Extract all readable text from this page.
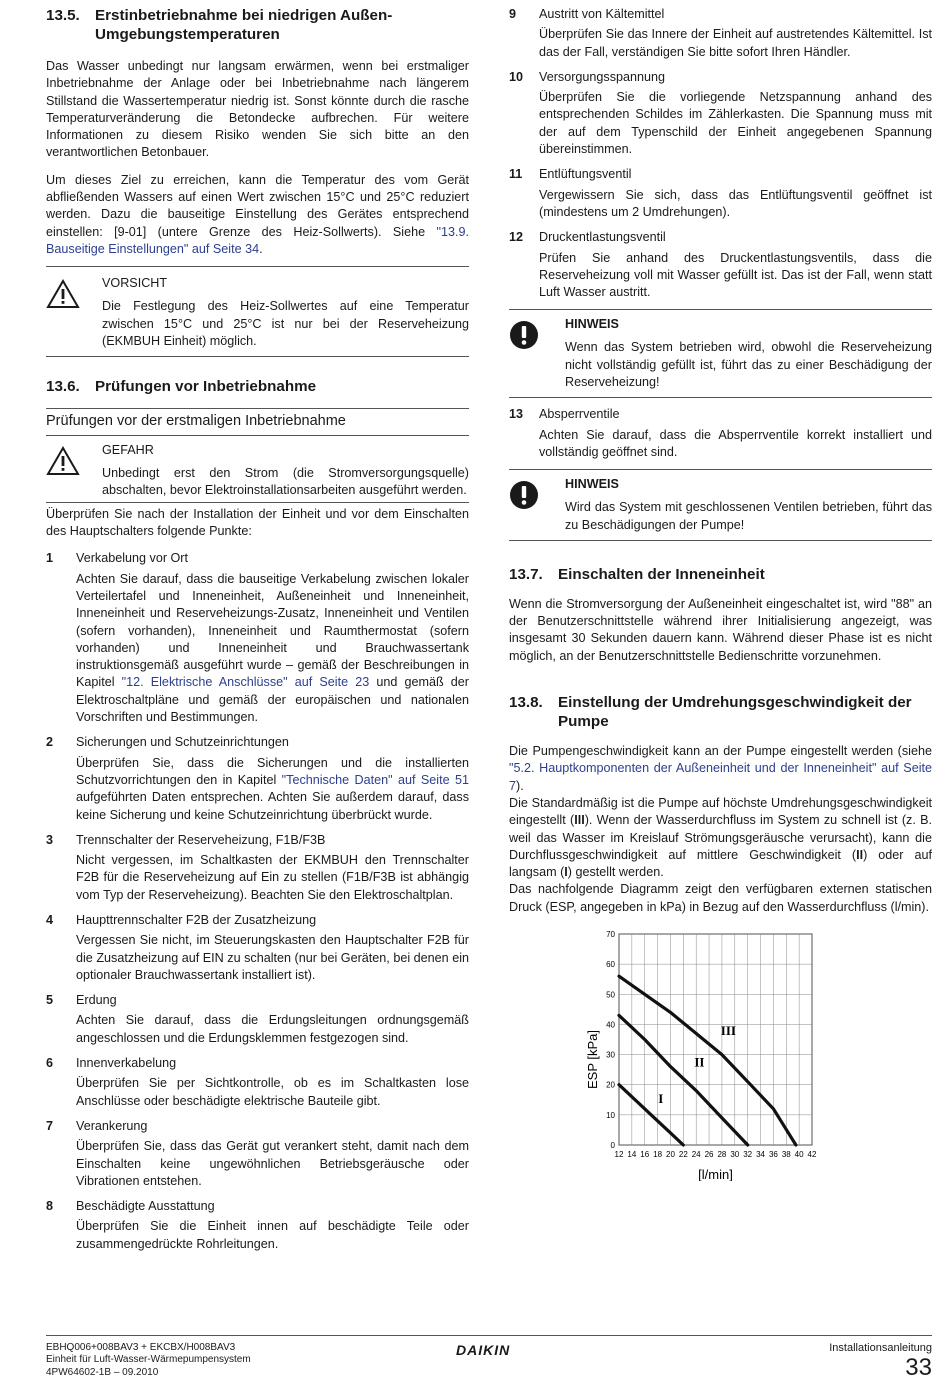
13.5. Erstinbetriebnahme bei niedrigen Außen-
Umgebungstemperaturen

Das Wasser unbedingt nur langsam erwärmen, wenn bei erstmaliger Inbetriebnahme der Anlage oder bei Inbetriebnahme nach längerem Stillstand die Wassertemperatur niedrig ist. Sonst könnte durch die rasche Temperaturveränderung die Betondecke aufbrechen. Für weitere Informationen zu diesem Risiko wenden Sie sich bitte an den verantwortlichen Betonbauer.

Um dieses Ziel zu erreichen, kann die Temperatur des vom Gerät abfließenden Wassers auf einen Wert zwischen 15°C und 25°C reduziert werden. Dazu die bauseitige Einstellung des Gerätes entsprechend einstellen: [9-01] (untere Grenze des Heiz-Sollwerts). Siehe "13.9. Bauseitige Einstellungen" auf Seite 34.

VORSICHT

Die Festlegung des Heiz-Sollwertes auf eine Temperatur zwischen 15°C und 25°C ist nur bei der Reserveheizung (EKMBUH Einheit) möglich.

13.6. Prüfungen vor Inbetriebnahme
Prüfungen vor der erstmaligen Inbetriebnahme
GEFAHR

Unbedingt erst den Strom (die Stromversorgungsquelle) abschalten, bevor Elektroinstallationsarbeiten ausgeführt werden.

Überprüfen Sie nach der Installation der Einheit und vor dem Einschalten des Hauptschalters folgende Punkte:

1	Verkabelung vor Ort

Achten Sie darauf, dass die bauseitige Verkabelung zwischen lokaler Verteilertafel und Inneneinheit, Außeneinheit und Inneneinheit, Inneneinheit und Reserveheizungs-Zusatz, Inneneinheit und Ventilen (sofern vorhanden), Inneneinheit und Raumthermostat (sofern vorhanden) und Inneneinheit und Brauchwassertank instruktionsgemäß ausgeführt wurde – gemäß der Beschreibungen in Kapitel "12. Elektrische Anschlüsse" auf Seite 23 und gemäß der Elektroschaltpläne und gemäß der europäischen und nationalen Vorschriften und Bestimmungen.

2	Sicherungen und Schutzeinrichtungen

Überprüfen Sie, dass die Sicherungen und die installierten Schutzvorrichtungen den in Kapitel "Technische Daten" auf Seite 51 aufgeführten Daten entsprechen. Achten Sie außerdem darauf, dass keine Sicherung und keine Schutzeinrichtung überbrückt wurde.

3	Trennschalter der Reserveheizung, F1B/F3B

Nicht vergessen, im Schaltkasten der EKMBUH den Trennschalter F2B für die Reserveheizung auf Ein zu stellen (F1B/F3B ist abhängig vom Typ der Reserveheizung). Beachten Sie den Elektroschaltplan.

4	Haupttrennschalter F2B der Zusatzheizung

Vergessen Sie nicht, im Steuerungskasten den Hauptschalter F2B für die Zusatzheizung auf EIN zu schalten (nur bei Geräten, bei denen ein optionaler Brauchwassertank installiert ist).

5	Erdung

Achten Sie darauf, dass die Erdungsleitungen ordnungsgemäß angeschlossen und die Erdungsklemmen festgezogen sind.

6	Innenverkabelung

Überprüfen Sie per Sichtkontrolle, ob es im Schaltkasten lose Anschlüsse oder beschädigte elektrische Bauteile gibt.

7	Verankerung

Überprüfen Sie, dass das Gerät gut verankert steht, damit nach dem Einschalten keine ungewöhnlichen Betriebsgeräusche oder Vibrationen entstehen.

8	Beschädigte Ausstattung

Überprüfen Sie die Einheit innen auf beschädigte Teile oder zusammengedrückte Rohrleitungen.

9	Austritt von Kältemittel

Überprüfen Sie das Innere der Einheit auf austretendes Kältemittel. Ist das der Fall, verständigen Sie bitte sofort Ihren Händler.

10	Versorgungsspannung

Überprüfen Sie die vorliegende Netzspannung anhand des entsprechenden Schildes im Zählerkasten. Die Spannung muss mit der auf dem Typenschild der Einheit angegebenen Spannung übereinstimmen.

11	Entlüftungsventil

Vergewissern Sie sich, dass das Entlüftungsventil geöffnet ist (mindestens um 2 Umdrehungen).

12	Druckentlastungsventil

Prüfen Sie anhand des Druckentlastungsventils, dass die Reserveheizung voll mit Wasser gefüllt ist. Das ist der Fall, wenn statt Luft Wasser austritt.

HINWEIS

Wenn das System betrieben wird, obwohl die Reserveheizung nicht vollständig gefüllt ist, führt das zu einer Beschädigung der Reserveheizung!

13	Absperrventile

Achten Sie darauf, dass die Absperrventile korrekt installiert und vollständig geöffnet sind.

HINWEIS

Wird das System mit geschlossenen Ventilen betrieben, führt das zu Beschädigungen der Pumpe!

13.7. Einschalten der Inneneinheit

Wenn die Stromversorgung der Außeneinheit eingeschaltet ist, wird "88" an der Benutzerschnittstelle während ihrer Initialisierung angezeigt, was insgesamt 30 Sekunden dauern kann. Während dieser Phase ist es nicht möglich, an der Benutzerschnittstelle Bedienschritte vorzunehmen.

13.8. Einstellung der Umdrehungsgeschwindigkeit der
Pumpe

Die Pumpengeschwindigkeit kann an der Pumpe eingestellt werden (siehe "5.2. Hauptkomponenten der Außeneinheit und der Inneneinheit" auf Seite 7).

Die Standardmäßig ist die Pumpe auf höchste Umdrehungsgeschwindigkeit eingestellt (III). Wenn der Wasserdurchfluss im System zu schnell ist (z. B. weil das Wasser im Kreislauf Strömungsgeräusche verursacht), kann die Durchflussgeschwindigkeit auf mittlere Geschwindigkeit (II) oder auf langsam (I) gestellt werden.

Das nachfolgende Diagramm zeigt den verfügbaren externen statischen Druck (ESP, angegeben in kPa) in Bezug auf den Wasserdurchfluss (l/min).

12 14 16 18 20 22 24 26 28 30 32 34 36 38 40 42
0
10
20
30
40
50
60
70
I
II
III
[l/min]
ESP [kPa]
EBHQ006+008BAV3 + EKCBX/H008BAV3
Einheit für Luft-Wasser-Wärmepumpensystem
4PW64602-1B – 09.2010
DAIKIN	Installationsanleitung
33
